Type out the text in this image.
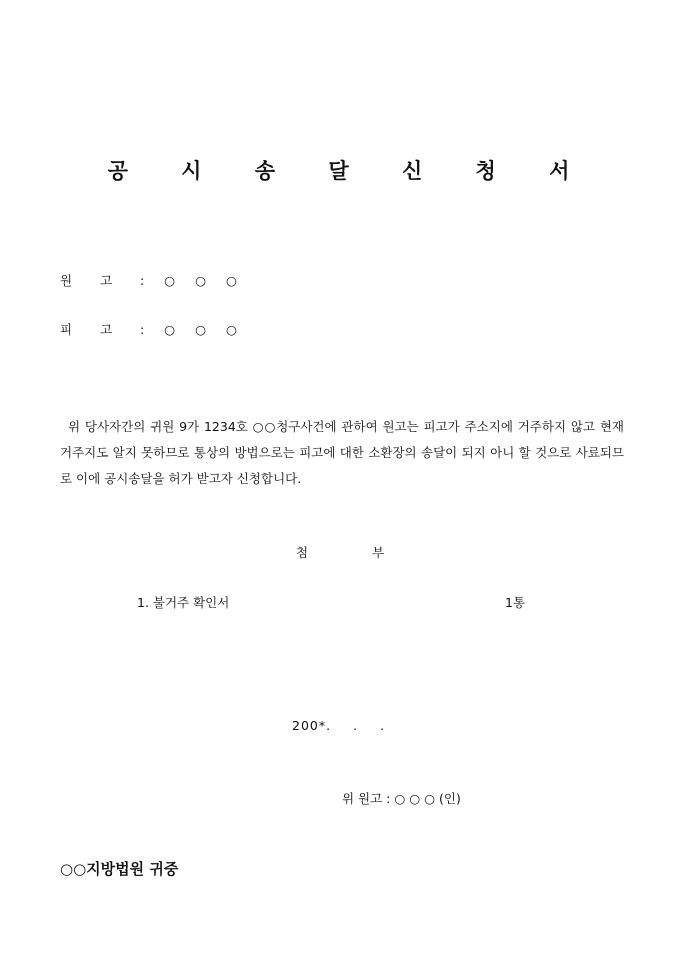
공 시 송 달 신 청 서
원고: ○ ○ ○
피고: ○ ○ ○
위 당사자간의 귀원 9가 1234호 ○○청구사건에 관하여 원고는 피고가 주소지에 거주하지 않고 현재 거주지도 알지 못하므로 통상의 방법으로는 피고에 대한 소환장의 송달이 되지 아니 할 것으로 사료되므로 이에 공시송달을 허가 받고자 신청합니다.
첨	부
1. 불거주 확인서	1통
200*. . .
위 원고 : ○ ○ ○ (인)
○○지방법원 귀중
